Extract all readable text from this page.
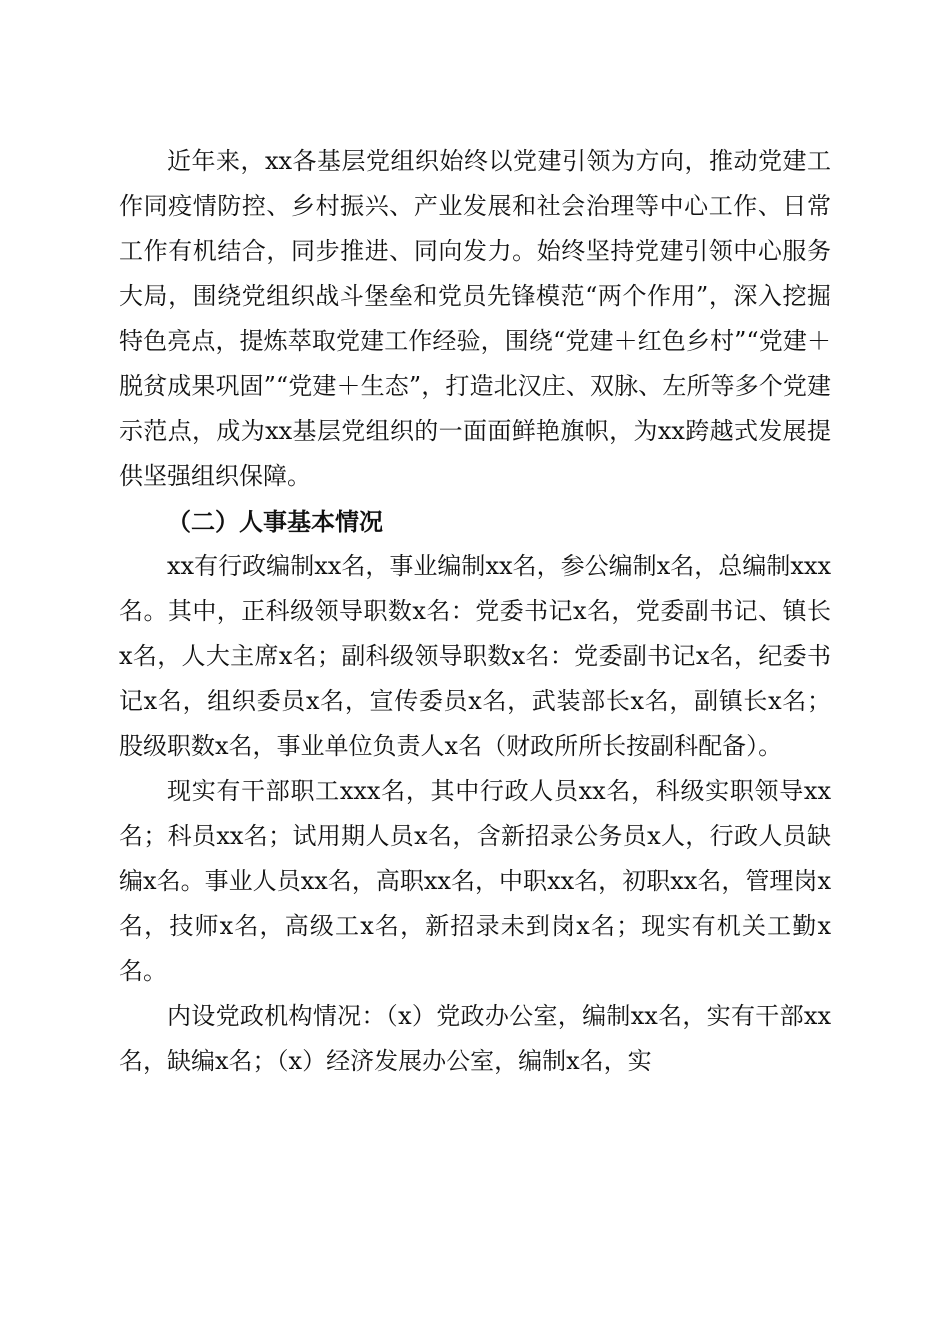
近年来，xx各基层党组织始终以党建引领为方向，推动党建工作同疫情防控、乡村振兴、产业发展和社会治理等中心工作、日常工作有机结合，同步推进、同向发力。始终坚持党建引领中心服务大局，围绕党组织战斗堡垒和党员先锋模范“两个作用”，深入挖掘特色亮点，提炼萃取党建工作经验，围绕“党建＋红色乡村”“党建＋脱贫成果巩固”“党建＋生态”，打造北汉庄、双脉、左所等多个党建示范点，成为xx基层党组织的一面面鲜艳旗帜，为xx跨越式发展提供坚强组织保障。

（二）人事基本情况

xx有行政编制xx名，事业编制xx名，参公编制x名，总编制xxx名。其中，正科级领导职数x名：党委书记x名，党委副书记、镇长x名，人大主席x名；副科级领导职数x名：党委副书记x名，纪委书记x名，组织委员x名，宣传委员x名，武装部长x名，副镇长x名；股级职数x名，事业单位负责人x名（财政所所长按副科配备）。

现实有干部职工xxx名，其中行政人员xx名，科级实职领导xx名；科员xx名；试用期人员x名，含新招录公务员x人，行政人员缺编x名。事业人员xx名，高职xx名，中职xx名，初职xx名，管理岗x名，技师x名，高级工x名，新招录未到岗x名；现实有机关工勤x名。

内设党政机构情况：（x）党政办公室，编制xx名，实有干部xx名，缺编x名；（x）经济发展办公室，编制x名，实
